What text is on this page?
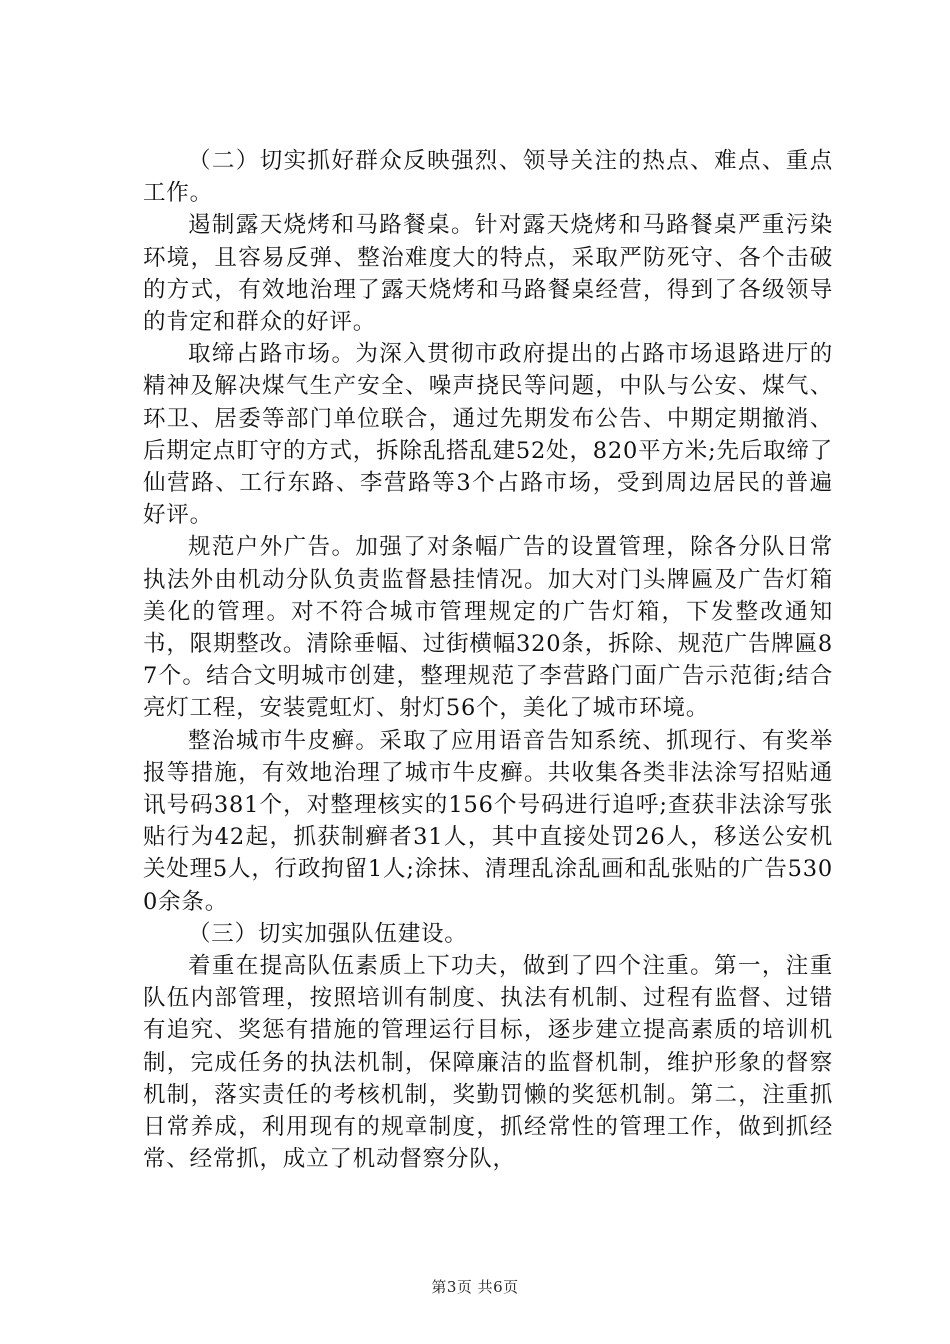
（二）切实抓好群众反映强烈、领导关注的热点、难点、重点工作。

遏制露天烧烤和马路餐桌。针对露天烧烤和马路餐桌严重污染环境，且容易反弹、整治难度大的特点，采取严防死守、各个击破的方式，有效地治理了露天烧烤和马路餐桌经营，得到了各级领导的肯定和群众的好评。

取缔占路市场。为深入贯彻市政府提出的占路市场退路进厅的精神及解决煤气生产安全、噪声挠民等问题，中队与公安、煤气、环卫、居委等部门单位联合，通过先期发布公告、中期定期撤消、后期定点盯守的方式，拆除乱搭乱建52处，820平方米;先后取缔了仙营路、工行东路、李营路等3个占路市场，受到周边居民的普遍好评。

规范户外广告。加强了对条幅广告的设置管理，除各分队日常执法外由机动分队负责监督悬挂情况。加大对门头牌匾及广告灯箱美化的管理。对不符合城市管理规定的广告灯箱，下发整改通知书，限期整改。清除垂幅、过街横幅320条，拆除、规范广告牌匾87个。结合文明城市创建，整理规范了李营路门面广告示范街;结合亮灯工程，安装霓虹灯、射灯56个，美化了城市环境。

整治城市牛皮癣。采取了应用语音告知系统、抓现行、有奖举报等措施，有效地治理了城市牛皮癣。共收集各类非法涂写招贴通讯号码381个，对整理核实的156个号码进行追呼;查获非法涂写张贴行为42起，抓获制癣者31人，其中直接处罚26人，移送公安机关处理5人，行政拘留1人;涂抹、清理乱涂乱画和乱张贴的广告5300余条。

（三）切实加强队伍建设。

着重在提高队伍素质上下功夫，做到了四个注重。第一，注重队伍内部管理，按照培训有制度、执法有机制、过程有监督、过错有追究、奖惩有措施的管理运行目标，逐步建立提高素质的培训机制，完成任务的执法机制，保障廉洁的监督机制，维护形象的督察机制，落实责任的考核机制，奖勤罚懒的奖惩机制。第二，注重抓日常养成，利用现有的规章制度，抓经常性的管理工作，做到抓经常、经常抓，成立了机动督察分队，

第3页 共6页
